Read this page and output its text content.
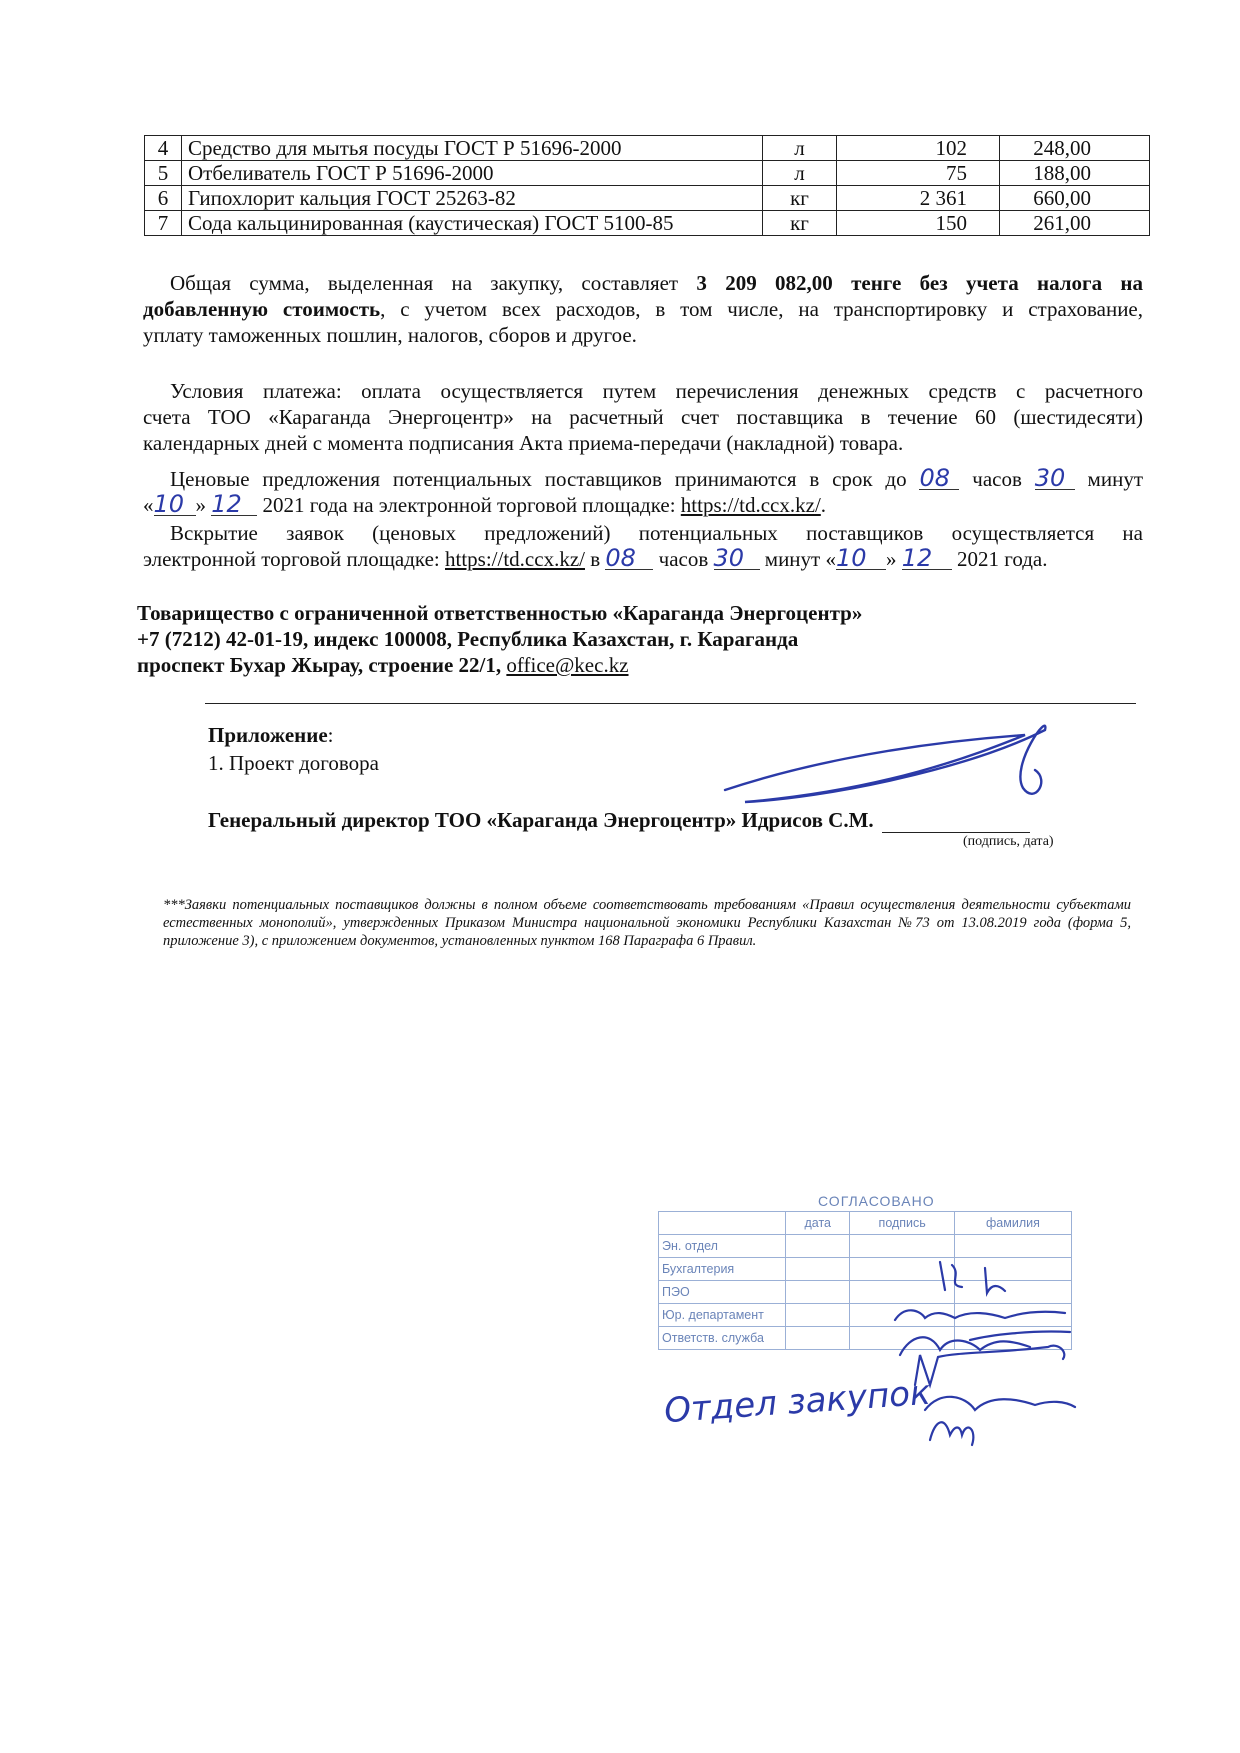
4	Средство для мытья посуды ГОСТ Р 51696-2000	л	102	248,00
5	Отбеливатель ГОСТ Р 51696-2000	л	75	188,00
6	Гипохлорит кальция ГОСТ 25263-82	кг	2 361	660,00
7	Сода кальцинированная (каустическая) ГОСТ 5100-85	кг	150	261,00
Общая сумма, выделенная на закупку, составляет 3 209 082,00 тенге без учета налога на
добавленную стоимость, с учетом всех расходов, в том числе, на транспортировку и страхование,
уплату таможенных пошлин, налогов, сборов и другое.
Условия платежа: оплата осуществляется путем перечисления денежных средств с расчетного
счета ТОО «Караганда Энергоцентр» на расчетный счет поставщика в течение 60 (шестидесяти)
календарных дней с момента подписания Акта приема-передачи (накладной) товара.
Ценовые предложения потенциальных поставщиков принимаются в срок до 08 часов 30 минут
«10 » 12 2021 года на электронной торговой площадке: https://td.ccx.kz/.
Вскрытие заявок (ценовых предложений) потенциальных поставщиков осуществляется на
электронной торговой площадке: https://td.ccx.kz/ в 08 часов 30 минут «10 » 12 2021 года.
Товарищество с ограниченной ответственностью «Караганда Энергоцентр»
+7 (7212) 42-01-19, индекс 100008, Республика Казахстан, г. Караганда
проспект Бухар Жырау, строение 22/1, office@kec.kz
Приложение:
1. Проект договора
Генеральный директор ТОО «Караганда Энергоцентр» Идрисов С.М.
(подпись, дата)
***Заявки потенциальных поставщиков должны в полном объеме соответствовать требованиям «Правил осуществления деятельности субъектами естественных монополий», утвержденных Приказом Министра национальной экономики Республики Казахстан №73 от 13.08.2019 года (форма 5, приложение 3), с приложением документов, установленных пунктом 168 Параграфа 6 Правил.
СОГЛАСОВАНО
	дата	подпись	фамилия
Эн. отдел			
Бухгалтерия			
ПЭО			
Юр. департамент			
Ответств. служба			
Отдел закупок
